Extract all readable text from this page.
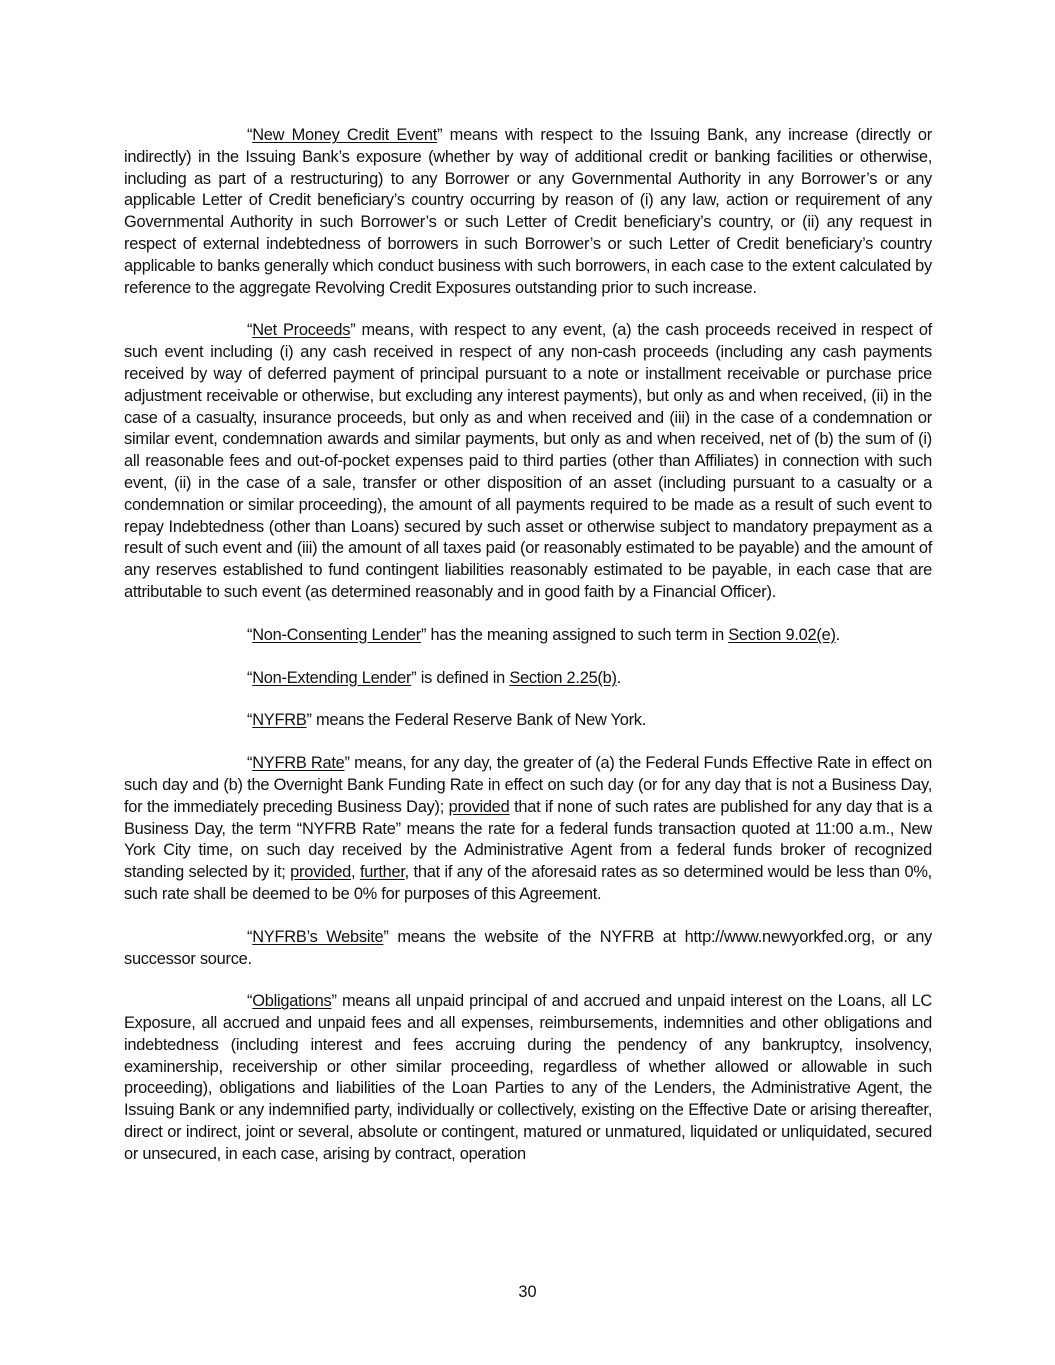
“New Money Credit Event” means with respect to the Issuing Bank, any increase (directly or indirectly) in the Issuing Bank’s exposure (whether by way of additional credit or banking facilities or otherwise, including as part of a restructuring) to any Borrower or any Governmental Authority in any Borrower’s or any applicable Letter of Credit beneficiary’s country occurring by reason of (i) any law, action or requirement of any Governmental Authority in such Borrower’s or such Letter of Credit beneficiary’s country, or (ii) any request in respect of external indebtedness of borrowers in such Borrower’s or such Letter of Credit beneficiary’s country applicable to banks generally which conduct business with such borrowers, in each case to the extent calculated by reference to the aggregate Revolving Credit Exposures outstanding prior to such increase.

“Net Proceeds” means, with respect to any event, (a) the cash proceeds received in respect of such event including (i) any cash received in respect of any non-cash proceeds (including any cash payments received by way of deferred payment of principal pursuant to a note or installment receivable or purchase price adjustment receivable or otherwise, but excluding any interest payments), but only as and when received, (ii) in the case of a casualty, insurance proceeds, but only as and when received and (iii) in the case of a condemnation or similar event, condemnation awards and similar payments, but only as and when received, net of (b) the sum of (i) all reasonable fees and out-of-pocket expenses paid to third parties (other than Affiliates) in connection with such event, (ii) in the case of a sale, transfer or other disposition of an asset (including pursuant to a casualty or a condemnation or similar proceeding), the amount of all payments required to be made as a result of such event to repay Indebtedness (other than Loans) secured by such asset or otherwise subject to mandatory prepayment as a result of such event and (iii) the amount of all taxes paid (or reasonably estimated to be payable) and the amount of any reserves established to fund contingent liabilities reasonably estimated to be payable, in each case that are attributable to such event (as determined reasonably and in good faith by a Financial Officer).

“Non-Consenting Lender” has the meaning assigned to such term in Section 9.02(e).

“Non-Extending Lender” is defined in Section 2.25(b).

“NYFRB” means the Federal Reserve Bank of New York.

“NYFRB Rate” means, for any day, the greater of (a) the Federal Funds Effective Rate in effect on such day and (b) the Overnight Bank Funding Rate in effect on such day (or for any day that is not a Business Day, for the immediately preceding Business Day); provided that if none of such rates are published for any day that is a Business Day, the term “NYFRB Rate” means the rate for a federal funds transaction quoted at 11:00 a.m., New York City time, on such day received by the Administrative Agent from a federal funds broker of recognized standing selected by it; provided, further, that if any of the aforesaid rates as so determined would be less than 0%, such rate shall be deemed to be 0% for purposes of this Agreement.

“NYFRB’s Website” means the website of the NYFRB at http://www.newyorkfed.org, or any successor source.

“Obligations” means all unpaid principal of and accrued and unpaid interest on the Loans, all LC Exposure, all accrued and unpaid fees and all expenses, reimbursements, indemnities and other obligations and indebtedness (including interest and fees accruing during the pendency of any bankruptcy, insolvency, examinership, receivership or other similar proceeding, regardless of whether allowed or allowable in such proceeding), obligations and liabilities of the Loan Parties to any of the Lenders, the Administrative Agent, the Issuing Bank or any indemnified party, individually or collectively, existing on the Effective Date or arising thereafter, direct or indirect, joint or several, absolute or contingent, matured or unmatured, liquidated or unliquidated, secured or unsecured, in each case, arising by contract, operation

30
